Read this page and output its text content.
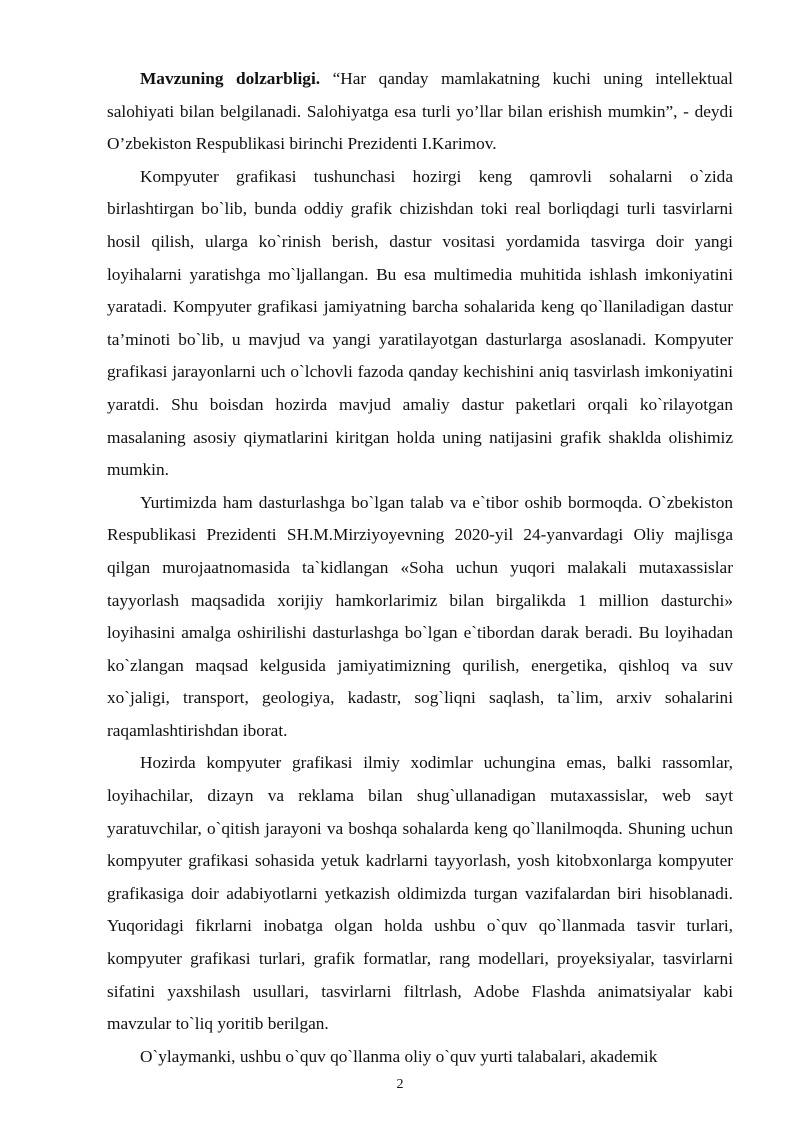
Mavzuning dolzarbligi. “Har qanday mamlakatning kuchi uning intellektual salohiyati bilan belgilanadi. Salohiyatga esa turli yo’llar bilan erishish mumkin”, - deydi O’zbekiston Respublikasi birinchi Prezidenti I.Karimov.

Kompyuter grafikasi tushunchasi hozirgi keng qamrovli sohalarni o`zida birlashtirgan bo`lib, bunda oddiy grafik chizishdan toki real borliqdagi turli tasvirlarni hosil qilish, ularga ko`rinish berish, dastur vositasi yordamida tasvirga doir yangi loyihalarni yaratishga mo`ljallangan. Bu esa multimedia muhitida ishlash imkoniyatini yaratadi. Kompyuter grafikasi jamiyatning barcha sohalarida keng qo`llaniladigan dastur ta’minoti bo`lib, u mavjud va yangi yaratilayotgan dasturlarga asoslanadi. Kompyuter grafikasi jarayonlarni uch o`lchovli fazoda qanday kechishini aniq tasvirlash imkoniyatini yaratdi. Shu boisdan hozirda mavjud amaliy dastur paketlari orqali ko`rilayotgan masalaning asosiy qiymatlarini kiritgan holda uning natijasini grafik shaklda olishimiz mumkin.

Yurtimizda ham dasturlashga bo`lgan talab va e`tibor oshib bormoqda. O`zbekiston Respublikasi Prezidenti SH.M.Mirziyoyevning 2020-yil 24-yanvardagi Oliy majlisga qilgan murojaatnomasida ta`kidlangan «Soha uchun yuqori malakali mutaxassislar tayyorlash maqsadida xorijiy hamkorlarimiz bilan birgalikda 1 million dasturchi» loyihasini amalga oshirilishi dasturlashga bo`lgan e`tibordan darak beradi. Bu loyihadan ko`zlangan maqsad kelgusida jamiyatimizning qurilish, energetika, qishloq va suv xo`jaligi, transport, geologiya, kadastr, sog`liqni saqlash, ta`lim, arxiv sohalarini raqamlashtirishdan iborat.

Hozirda kompyuter grafikasi ilmiy xodimlar uchungina emas, balki rassomlar, loyihachilar, dizayn va reklama bilan shug`ullanadigan mutaxassislar, web sayt yaratuvchilar, o`qitish jarayoni va boshqa sohalarda keng qo`llanilmoqda. Shuning uchun kompyuter grafikasi sohasida yetuk kadrlarni tayyorlash, yosh kitobxonlarga kompyuter grafikasiga doir adabiyotlarni yetkazish oldimizda turgan vazifalardan biri hisoblanadi. Yuqoridagi fikrlarni inobatga olgan holda ushbu o`quv qo`llanmada tasvir turlari, kompyuter grafikasi turlari, grafik formatlar, rang modellari, proyeksiyalar, tasvirlarni sifatini yaxshilash usullari, tasvirlarni filtrlash, Adobe Flashda animatsiyalar kabi mavzular to`liq yoritib berilgan.

O`ylaymanki, ushbu o`quv qo`llanma oliy o`quv yurti talabalari, akademik

2
